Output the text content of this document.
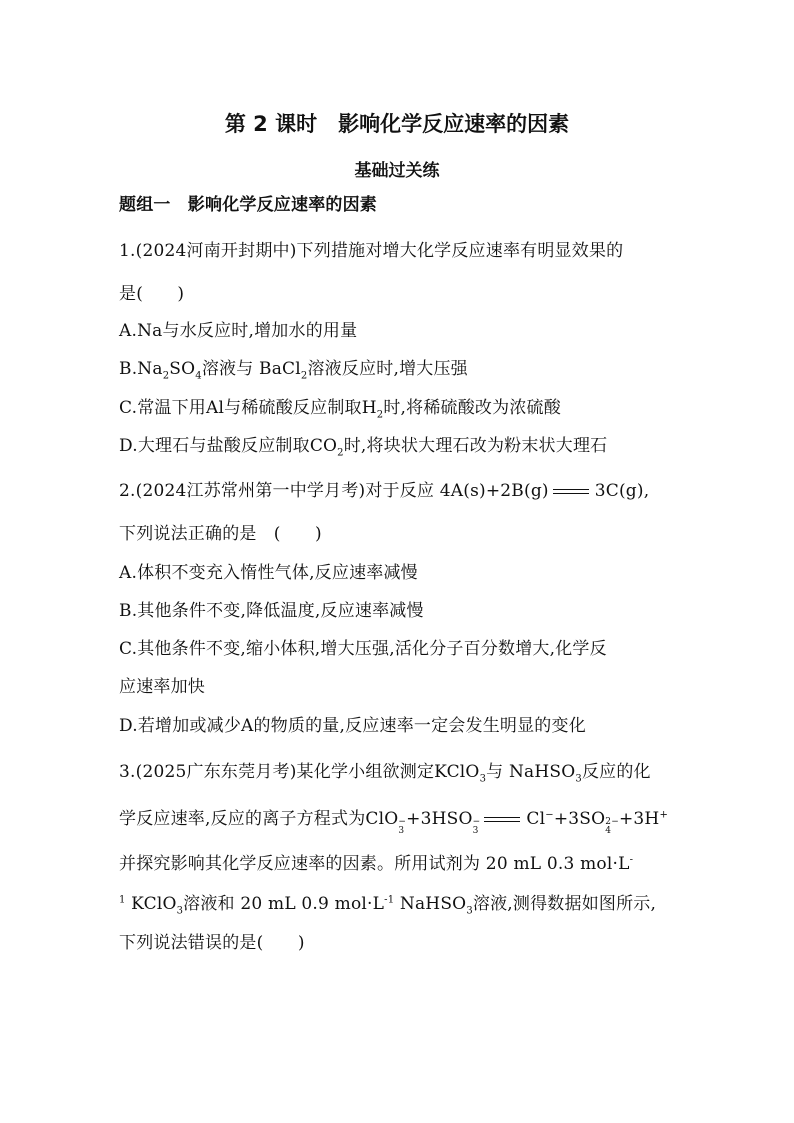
第 2 课时　影响化学反应速率的因素
基础过关练
题组一　影响化学反应速率的因素
1.(2024河南开封期中)下列措施对增大化学反应速率有明显效果的
是(　　)
A.Na与水反应时,增加水的用量
$B.Na_2SO_4$溶液与 BaCl$_2$溶液反应时,增大压强
C.常温下用Al与稀硫酸反应制取$H_2$时,将稀硫酸改为浓硫酸
D.大理石与盐酸反应制取$CO_2$时,将块状大理石改为粉末状大理石
2.(2024江苏常州第一中学月考)对于反应 4A(s)+2B(g)	3C(g),
下列说法正确的是　(　　)
A.体积不变充入惰性气体,反应速率减慢
B.其他条件不变,降低温度,反应速率减慢
C.其他条件不变,缩小体积,增大压强,活化分子百分数增大,化学反
应速率加快
D.若增加或减少A的物质的量,反应速率一定会发生明显的变化
3.(2025广东东莞月考)某化学小组欲测定KClO$_3$与 NaHSO$_3$反应的化
学反应速率,反应的离子方程式为ClO −
3
+3HSO −
3
Cl−+3SO 2−
4
+3H+
并探究影响其化学反应速率的因素。所用试剂为 20 mL 0.3 mol·L-
$^1$ KClO$_3$溶液和 20 mL 0.9 $mol\cdot L^{-1}$ NaHSO$_3$溶液,测得数据如图所示,
下列说法错误的是(　　)
